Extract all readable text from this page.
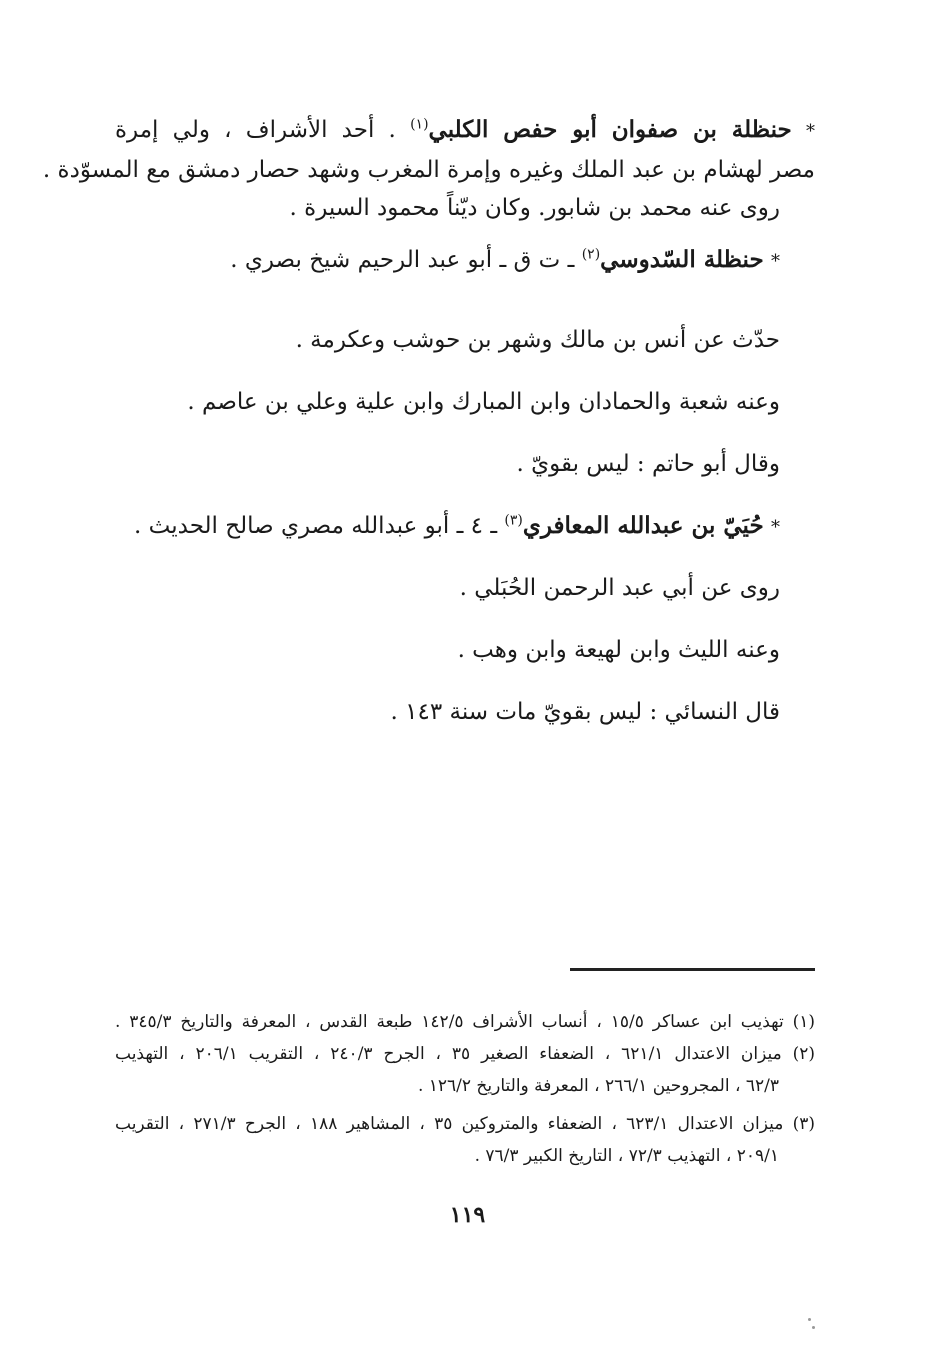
* حنظلة بن صفوان أبو حفص الكلبي$^{(١)}$ . أحد الأشراف ، ولي إمرة
مصر لهشام بن عبد الملك وغيره وإمرة المغرب وشهد حصار دمشق مع المسوّدة .
روى عنه محمد بن شابور. وكان ديّناً محمود السيرة .
* حنظلة السّدوسي$^{(٢)}$ ـ ت ق ـ أبو عبد الرحيم شيخ بصري .
حدّث عن أنس بن مالك وشهر بن حوشب وعكرمة .
وعنه شعبة والحمادان وابن المبارك وابن علية وعلي بن عاصم .
وقال أبو حاتم : ليس بقويّ .
* حُيَيّ بن عبدالله المعافري$^{(٣)}$ ـ ٤ ـ أبو عبدالله مصري صالح الحديث .
روى عن أبي عبد الرحمن الحُبَلي .
وعنه الليث وابن لهيعة وابن وهب .
قال النسائي : ليس بقويّ مات سنة ١٤٣ .
(١) تهذيب ابن عساكر ١٥/٥ ، أنساب الأشراف ١٤٢/٥ طبعة القدس ، المعرفة والتاريخ ٣٤٥/٣ .
(٢) ميزان الاعتدال ٦٢١/١ ، الضعفاء الصغير ٣٥ ، الجرح ٢٤٠/٣ ، التقريب ٢٠٦/١ ، التهذيب
٦٢/٣ ، المجروحين ٢٦٦/١ ، المعرفة والتاريخ ١٢٦/٢ .
(٣) ميزان الاعتدال ٦٢٣/١ ، الضعفاء والمتروكين ٣٥ ، المشاهير ١٨٨ ، الجرح ٢٧١/٣ ، التقريب
٢٠٩/١ ، التهذيب ٧٢/٣ ، التاريخ الكبير ٧٦/٣ .
١١٩
